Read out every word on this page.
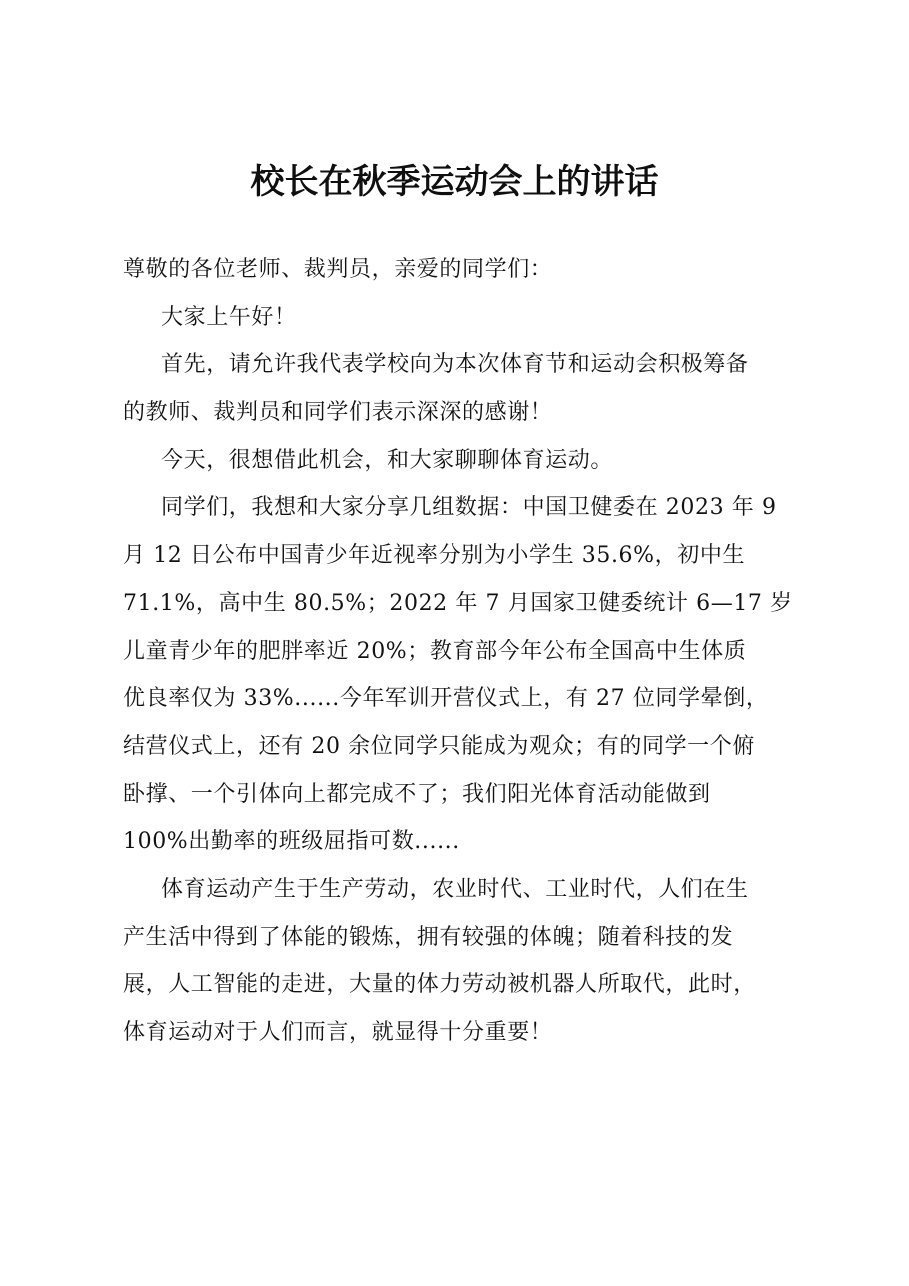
校长在秋季运动会上的讲话
尊敬的各位老师、裁判员，亲爱的同学们：
大家上午好！
首先，请允许我代表学校向为本次体育节和运动会积极筹备
的教师、裁判员和同学们表示深深的感谢！
今天，很想借此机会，和大家聊聊体育运动。
同学们，我想和大家分享几组数据：中国卫健委在 2023 年 9
月 12 日公布中国青少年近视率分别为小学生 35.6%，初中生
71.1%，高中生 80.5%；2022 年 7 月国家卫健委统计 6—17 岁
儿童青少年的肥胖率近 20%；教育部今年公布全国高中生体质
优良率仅为 33%......今年军训开营仪式上，有 27 位同学晕倒，
结营仪式上，还有 20 余位同学只能成为观众；有的同学一个俯
卧撑、一个引体向上都完成不了；我们阳光体育活动能做到
100%出勤率的班级屈指可数......
体育运动产生于生产劳动，农业时代、工业时代，人们在生
产生活中得到了体能的锻炼，拥有较强的体魄；随着科技的发
展，人工智能的走进，大量的体力劳动被机器人所取代，此时，
体育运动对于人们而言，就显得十分重要！
